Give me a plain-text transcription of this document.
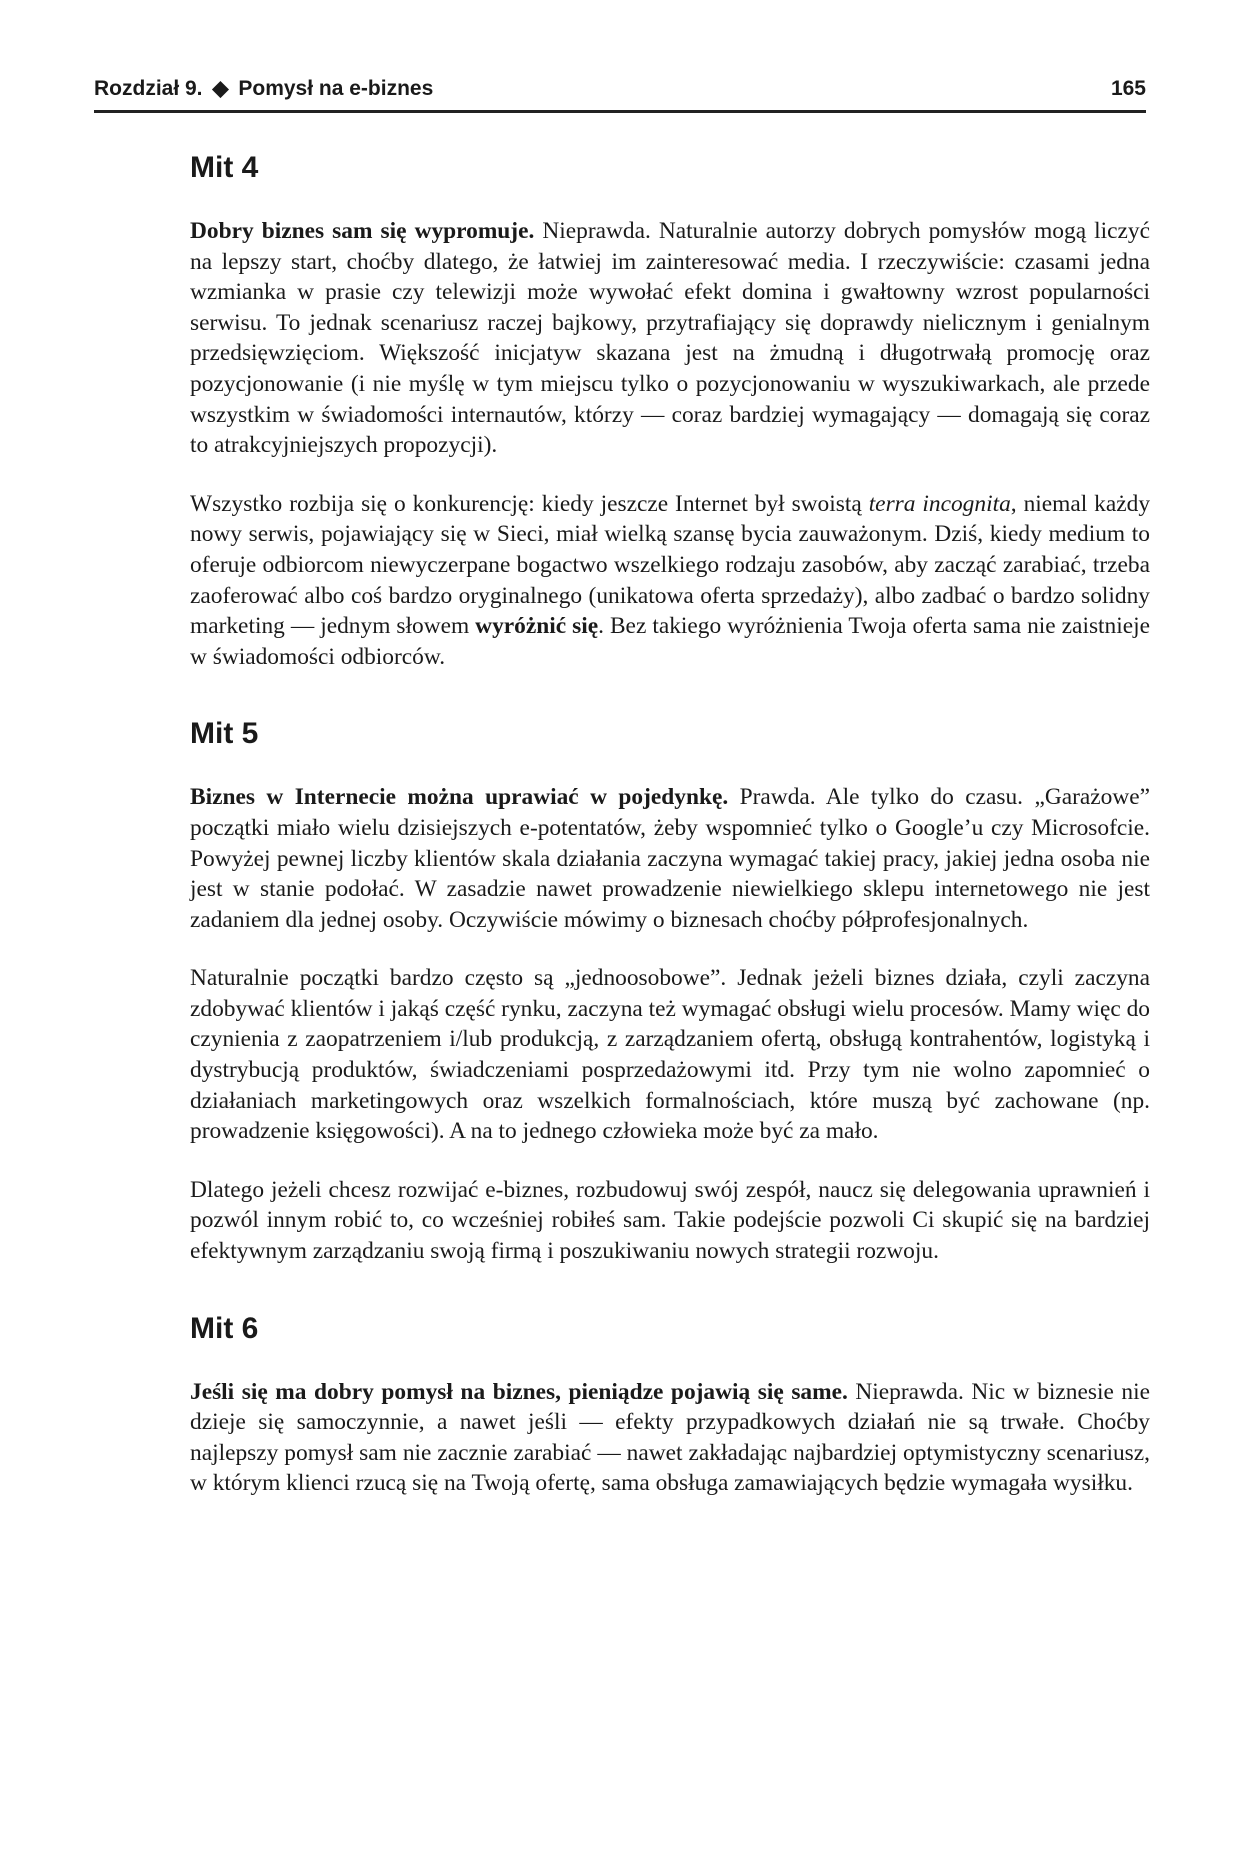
Rozdział 9. ◆ Pomysł na e-biznes	165
Mit 4

Dobry biznes sam się wypromuje. Nieprawda. Naturalnie autorzy dobrych pomysłów mogą liczyć na lepszy start, choćby dlatego, że łatwiej im zainteresować media. I rzeczywiście: czasami jedna wzmianka w prasie czy telewizji może wywołać efekt domina i gwałtowny wzrost popularności serwisu. To jednak scenariusz raczej bajkowy, przytrafiający się doprawdy nielicznym i genialnym przedsięwzięciom. Większość inicjatyw skazana jest na żmudną i długotrwałą promocję oraz pozycjonowanie (i nie myślę w tym miejscu tylko o pozycjonowaniu w wyszukiwarkach, ale przede wszystkim w świadomości internautów, którzy — coraz bardziej wymagający — domagają się coraz to atrakcyjniejszych propozycji).

Wszystko rozbija się o konkurencję: kiedy jeszcze Internet był swoistą terra incognita, niemal każdy nowy serwis, pojawiający się w Sieci, miał wielką szansę bycia zauważonym. Dziś, kiedy medium to oferuje odbiorcom niewyczerpane bogactwo wszelkiego rodzaju zasobów, aby zacząć zarabiać, trzeba zaoferować albo coś bardzo oryginalnego (unikatowa oferta sprzedaży), albo zadbać o bardzo solidny marketing — jednym słowem wyróżnić się. Bez takiego wyróżnienia Twoja oferta sama nie zaistnieje w świadomości odbiorców.

Mit 5

Biznes w Internecie można uprawiać w pojedynkę. Prawda. Ale tylko do czasu. „Garażowe” początki miało wielu dzisiejszych e-potentatów, żeby wspomnieć tylko o Google’u czy Microsofcie. Powyżej pewnej liczby klientów skala działania zaczyna wymagać takiej pracy, jakiej jedna osoba nie jest w stanie podołać. W zasadzie nawet prowadzenie niewielkiego sklepu internetowego nie jest zadaniem dla jednej osoby. Oczywiście mówimy o biznesach choćby półprofesjonalnych.

Naturalnie początki bardzo często są „jednoosobowe”. Jednak jeżeli biznes działa, czyli zaczyna zdobywać klientów i jakąś część rynku, zaczyna też wymagać obsługi wielu procesów. Mamy więc do czynienia z zaopatrzeniem i/lub produkcją, z zarządzaniem ofertą, obsługą kontrahentów, logistyką i dystrybucją produktów, świadczeniami posprzedażowymi itd. Przy tym nie wolno zapomnieć o działaniach marketingowych oraz wszelkich formalnościach, które muszą być zachowane (np. prowadzenie księgowości). A na to jednego człowieka może być za mało.

Dlatego jeżeli chcesz rozwijać e-biznes, rozbudowuj swój zespół, naucz się delegowania uprawnień i pozwól innym robić to, co wcześniej robiłeś sam. Takie podejście pozwoli Ci skupić się na bardziej efektywnym zarządzaniu swoją firmą i poszukiwaniu nowych strategii rozwoju.

Mit 6

Jeśli się ma dobry pomysł na biznes, pieniądze pojawią się same. Nieprawda. Nic w biznesie nie dzieje się samoczynnie, a nawet jeśli — efekty przypadkowych działań nie są trwałe. Choćby najlepszy pomysł sam nie zacznie zarabiać — nawet zakładając najbardziej optymistyczny scenariusz, w którym klienci rzucą się na Twoją ofertę, sama obsługa zamawiających będzie wymagała wysiłku.
